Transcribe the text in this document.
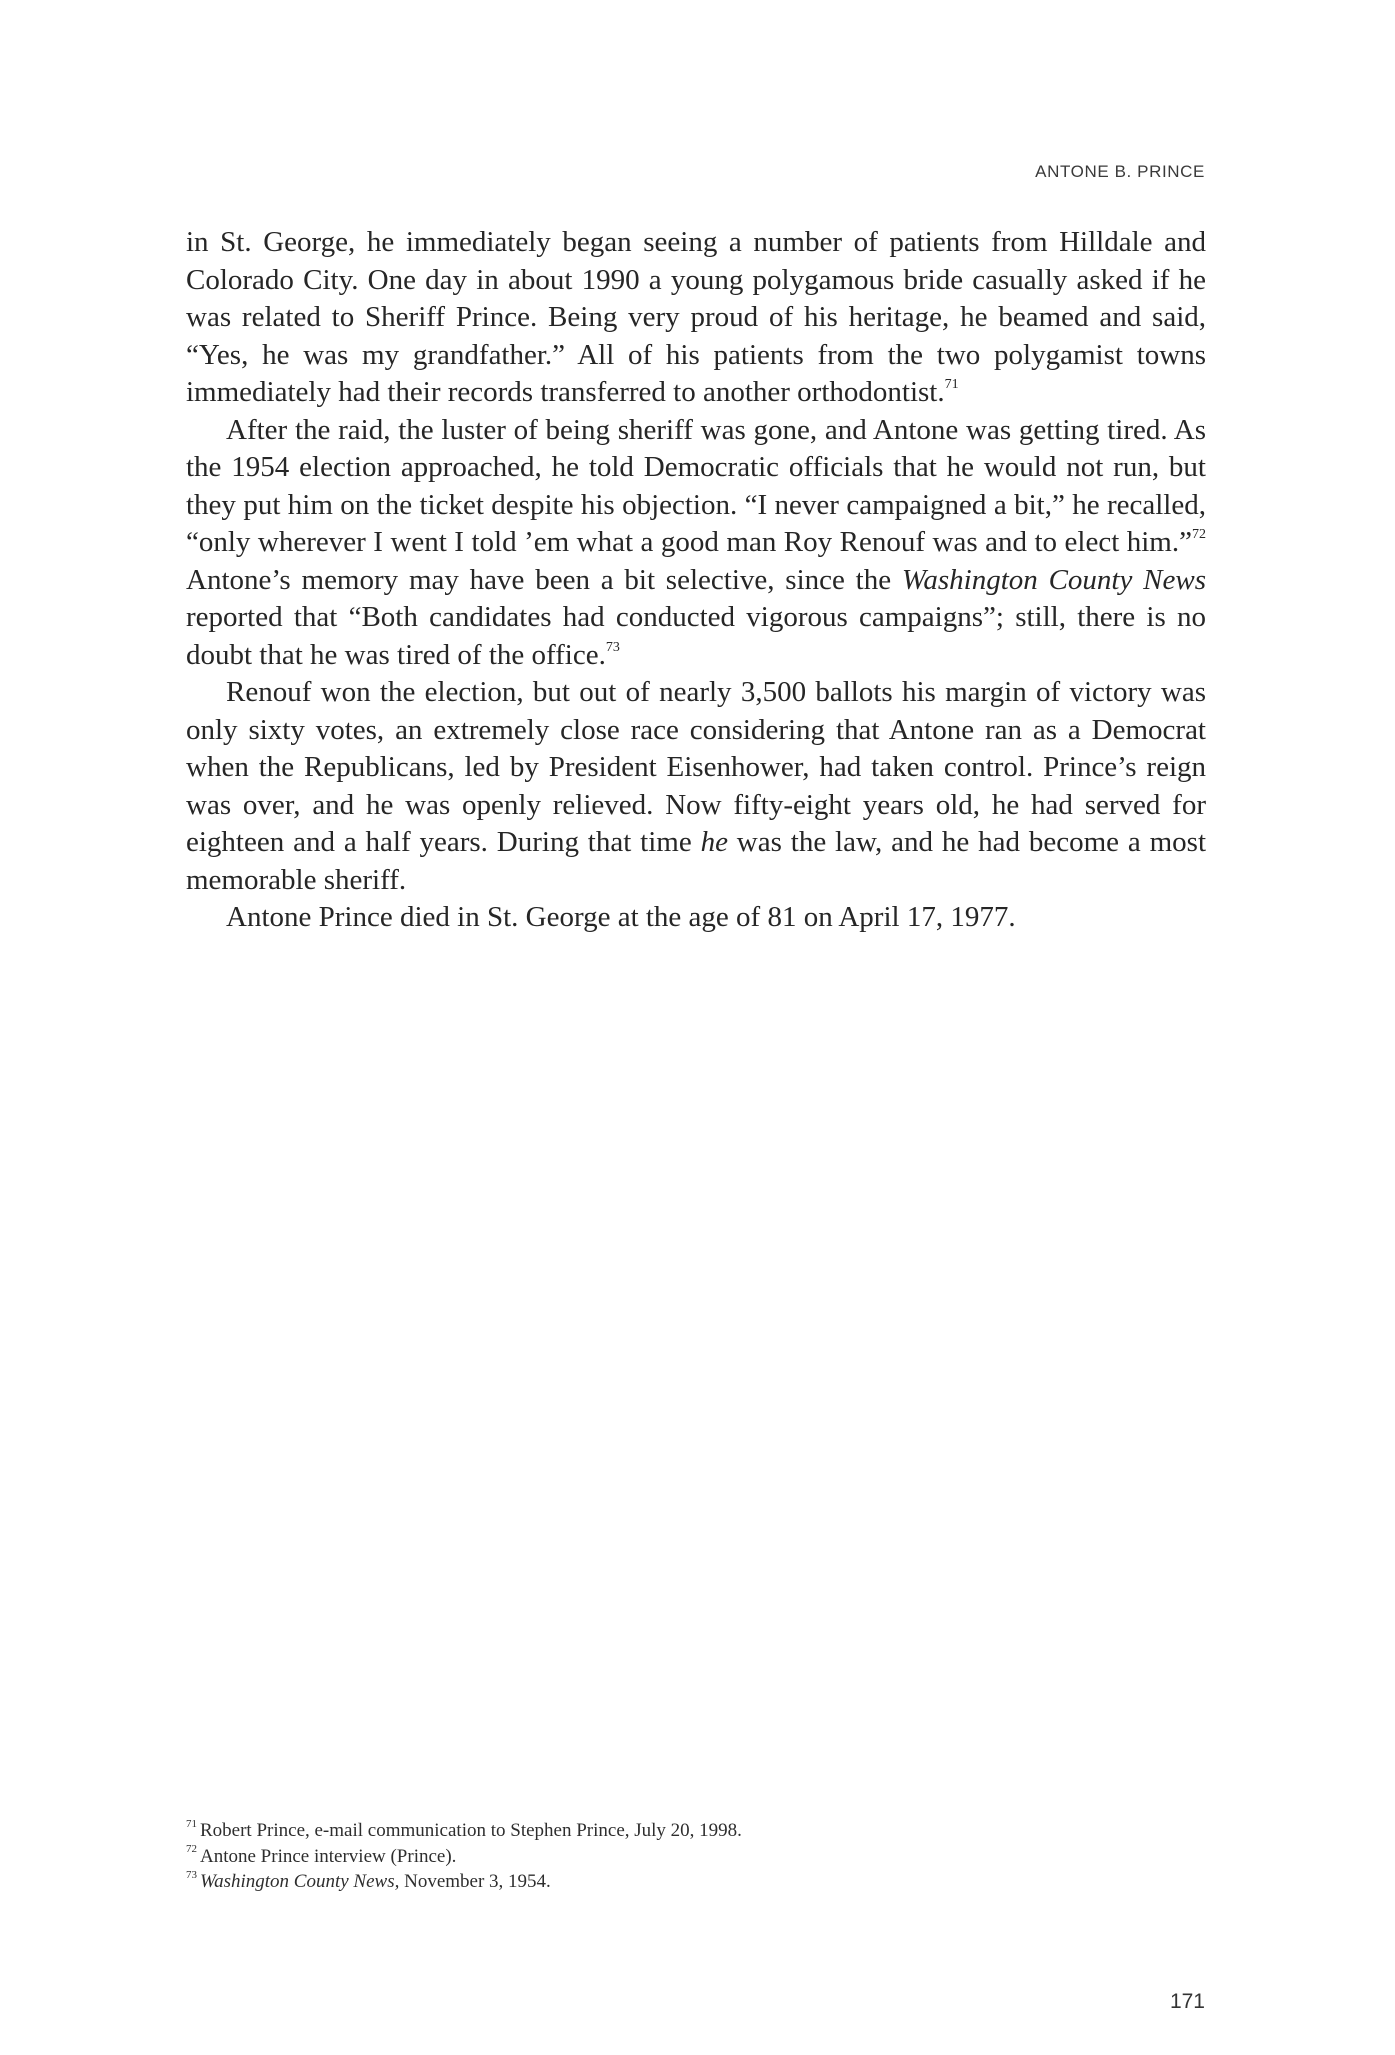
ANTONE B. PRINCE

in St. George, he immediately began seeing a number of patients from Hilldale and Colorado City. One day in about 1990 a young polygamous bride casually asked if he was related to Sheriff Prince. Being very proud of his heritage, he beamed and said, “Yes, he was my grandfather.” All of his patients from the two polygamist towns immediately had their records transferred to another orthodontist.$^{71}$

After the raid, the luster of being sheriff was gone, and Antone was getting tired. As the 1954 election approached, he told Democratic officials that he would not run, but they put him on the ticket despite his objection. “I never campaigned a bit,” he recalled, “only wherever I went I told ’em what a good man Roy Renouf was and to elect him.”$^{72}$ Antone’s memory may have been a bit selective, since the Washington County News reported that “Both candidates had conducted vigorous campaigns”; still, there is no doubt that he was tired of the office.$^{73}$

Renouf won the election, but out of nearly 3,500 ballots his margin of victory was only sixty votes, an extremely close race considering that Antone ran as a Democrat when the Republicans, led by President Eisenhower, had taken control. Prince’s reign was over, and he was openly relieved. Now fifty-eight years old, he had served for eighteen and a half years. During that time he was the law, and he had become a most memorable sheriff.

Antone Prince died in St. George at the age of 81 on April 17, 1977.

$^{71}$ Robert Prince, e-mail communication to Stephen Prince, July 20, 1998.

$^{72}$ Antone Prince interview (Prince).

$^{73}$ Washington County News, November 3, 1954.

171
